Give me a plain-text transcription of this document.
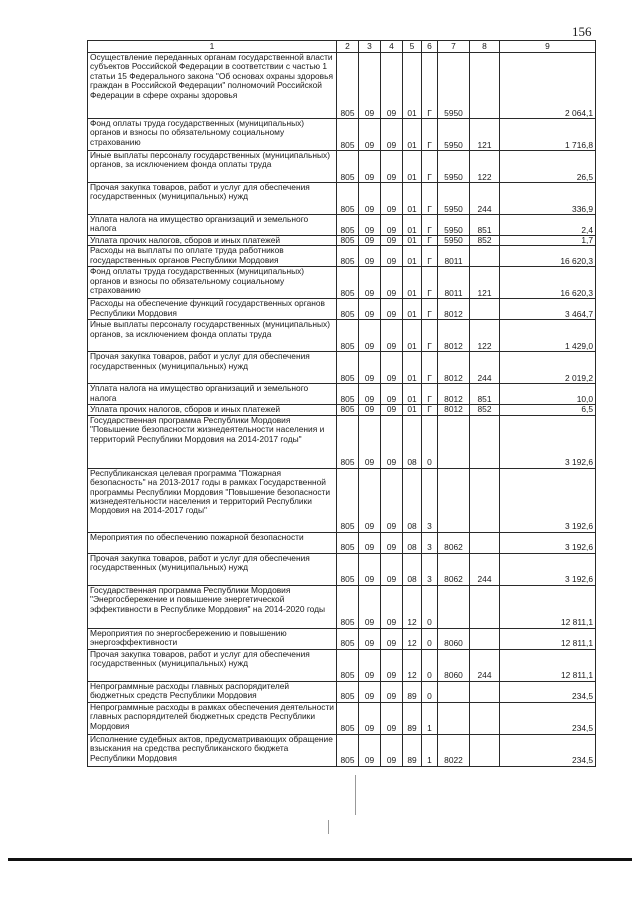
156
1	2	3	4	5	6	7	8	9
Осуществление переданных органам государственной власти субъектов Российской Федерации в соответствии с частью 1 статьи 15 Федерального закона "Об основах охраны здоровья граждан в Российской Федерации" полномочий Российской Федерации в сфере охраны здоровья	805	09	09	01	Г	5950		2 064,1
Фонд оплаты труда государственных (муниципальных) органов и взносы по обязательному социальному страхованию	805	09	09	01	Г	5950	121	1 716,8
Иные выплаты персоналу государственных (муниципальных) органов, за исключением фонда оплаты труда	805	09	09	01	Г	5950	122	26,5
Прочая закупка товаров, работ и услуг для обеспечения государственных (муниципальных) нужд	805	09	09	01	Г	5950	244	336,9
Уплата налога на имущество организаций и земельного налога	805	09	09	01	Г	5950	851	2,4
Уплата прочих налогов, сборов и иных платежей	805	09	09	01	Г	5950	852	1,7
Расходы на выплаты по оплате труда работников государственных органов Республики Мордовия	805	09	09	01	Г	8011		16 620,3
Фонд оплаты труда государственных (муниципальных) органов и взносы по обязательному социальному страхованию	805	09	09	01	Г	8011	121	16 620,3
Расходы на обеспечение функций государственных органов Республики Мордовия	805	09	09	01	Г	8012		3 464,7
Иные выплаты персоналу государственных (муниципальных) органов, за исключением фонда оплаты труда	805	09	09	01	Г	8012	122	1 429,0
Прочая закупка товаров, работ и услуг для обеспечения государственных (муниципальных) нужд	805	09	09	01	Г	8012	244	2 019,2
Уплата налога на имущество организаций и земельного налога	805	09	09	01	Г	8012	851	10,0
Уплата прочих налогов, сборов и иных платежей	805	09	09	01	Г	8012	852	6,5
Государственная программа Республики Мордовия "Повышение безопасности жизнедеятельности населения и территорий Республики Мордовия на 2014-2017 годы"	805	09	09	08	0			3 192,6
Республиканская целевая программа "Пожарная безопасность" на 2013-2017 годы в рамках Государственной программы Республики Мордовия "Повышение безопасности жизнедеятельности населения и территорий Республики Мордовия на 2014-2017 годы"	805	09	09	08	3			3 192,6
Мероприятия по обеспечению пожарной безопасности	805	09	09	08	3	8062		3 192,6
Прочая закупка товаров, работ и услуг для обеспечения государственных (муниципальных) нужд	805	09	09	08	3	8062	244	3 192,6
Государственная программа Республики Мордовия "Энергосбережение и повышение энергетической эффективности в Республике Мордовия" на 2014-2020 годы	805	09	09	12	0			12 811,1
Мероприятия по энергосбережению и повышению энергоэффективности	805	09	09	12	0	8060		12 811,1
Прочая закупка товаров, работ и услуг для обеспечения государственных (муниципальных) нужд	805	09	09	12	0	8060	244	12 811,1
Непрограммные расходы главных распорядителей бюджетных средств Республики Мордовия	805	09	09	89	0			234,5
Непрограммные расходы в рамках обеспечения деятельности главных распорядителей бюджетных средств Республики Мордовия	805	09	09	89	1			234,5
Исполнение судебных актов, предусматривающих обращение взыскания на средства республиканского бюджета Республики Мордовия	805	09	09	89	1	8022		234,5
